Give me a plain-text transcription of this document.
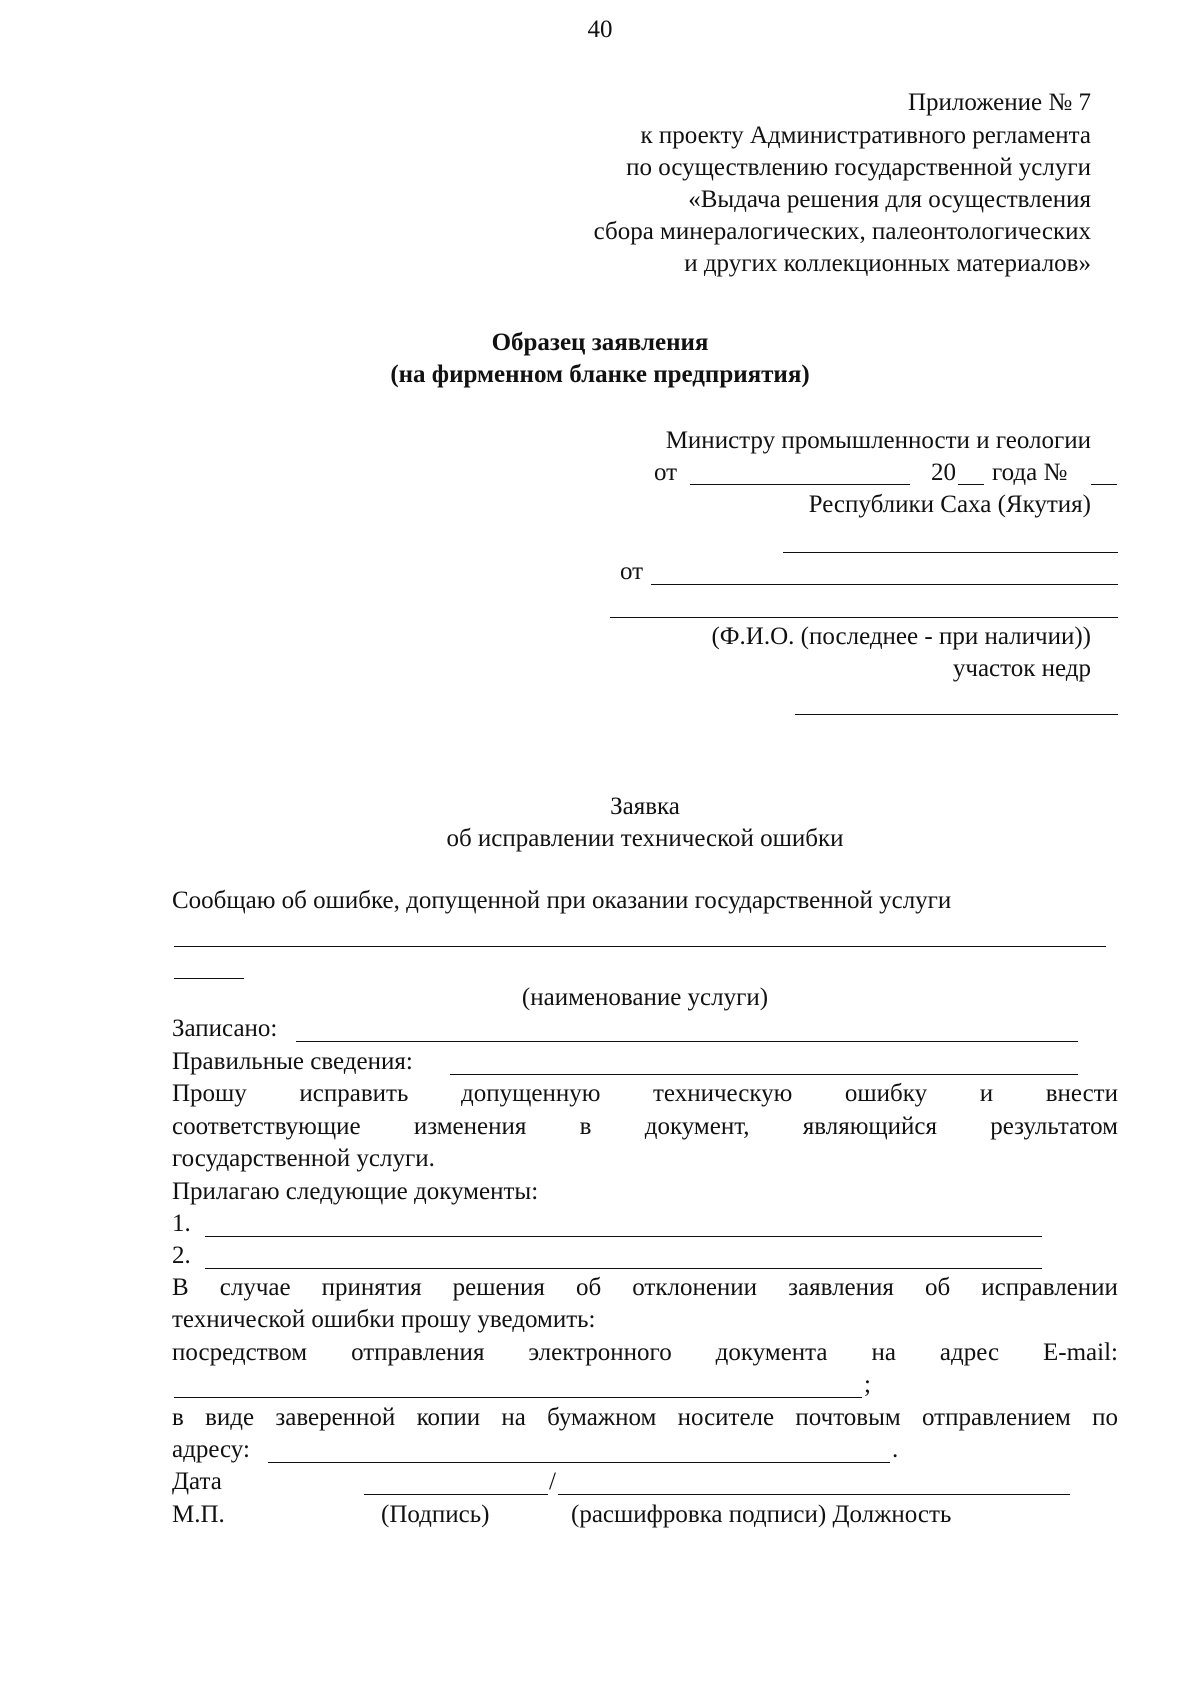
40
Приложение № 7
к проекту Административного регламента
по осуществлению государственной услуги
«Выдача решения для осуществления
сбора минералогических, палеонтологических
и других коллекционных материалов»
Образец заявления
(на фирменном бланке предприятия)
Министру промышленности и геологии
от	20 года №
Республики Саха (Якутия)
от
(Ф.И.О. (последнее - при наличии))
участок недр
Заявка
об исправлении технической ошибки
Сообщаю об ошибке, допущенной при оказании государственной услуги
(наименование услуги)
Записано:
Правильные сведения:
Прошу исправить допущенную техническую ошибку и внести
соответствующие изменения в документ, являющийся результатом
государственной услуги.
Прилагаю следующие документы:
1.
2.
В случае принятия решения об отклонении заявления об исправлении
технической ошибки прошу уведомить:
посредством отправления электронного документа на адрес E-mail:
;
в виде заверенной копии на бумажном носителе почтовым отправлением по
адресу:	.
Дата	/
М.П.	(Подпись)	(расшифровка подписи) Должность
